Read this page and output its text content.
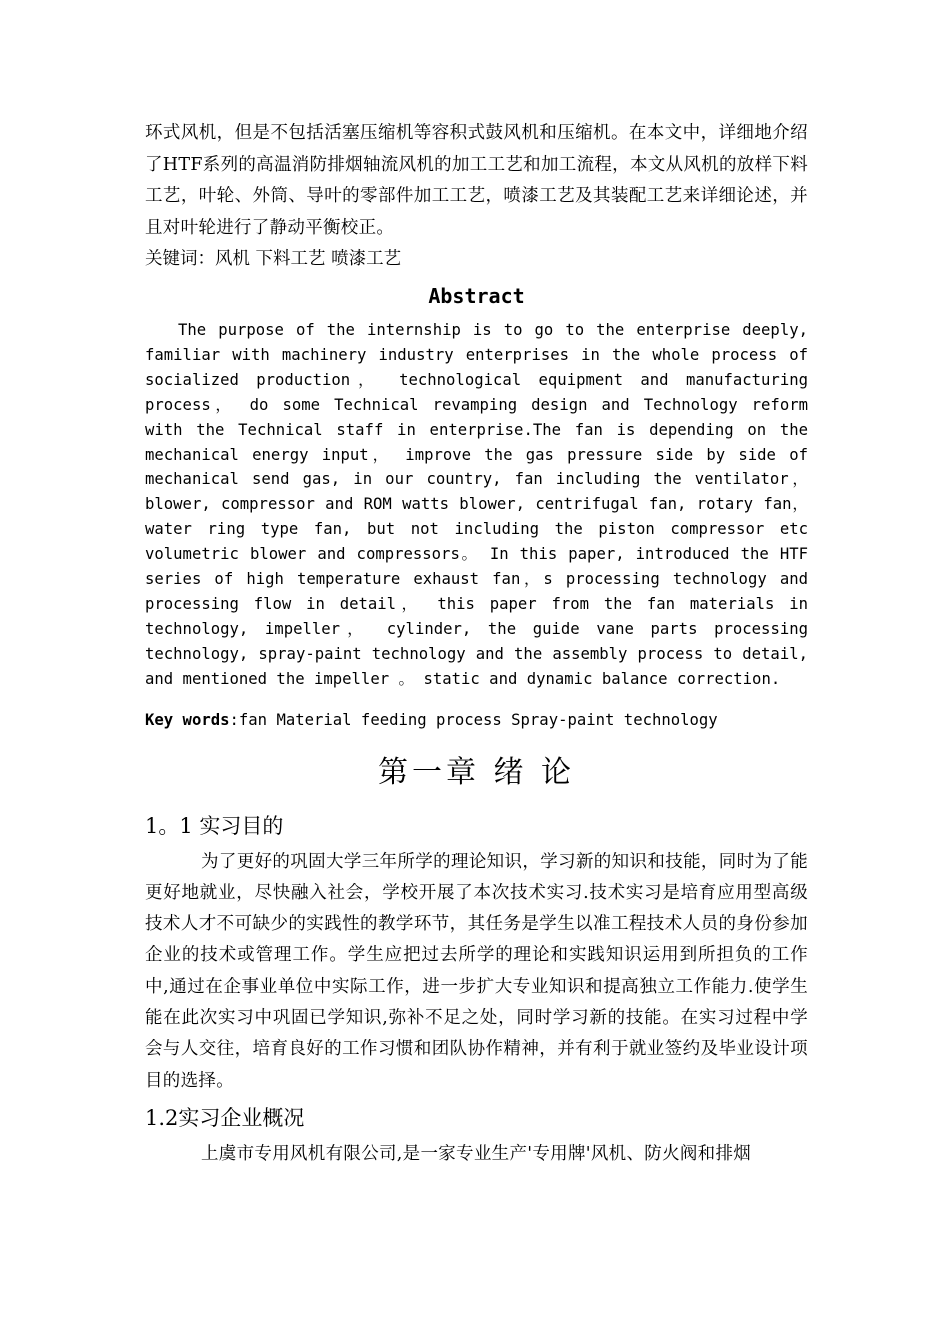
环式风机，但是不包括活塞压缩机等容积式鼓风机和压缩机。在本文中，详细地介绍了HTF系列的高温消防排烟轴流风机的加工工艺和加工流程，本文从风机的放样下料工艺，叶轮、外筒、导叶的零部件加工工艺，喷漆工艺及其装配工艺来详细论述，并且对叶轮进行了静动平衡校正。

关键词：风机 下料工艺 喷漆工艺

Abstract

The purpose of the internship is to go to the enterprise deeply, familiar with machinery industry enterprises in the whole process of socialized production， technological equipment and manufacturing process， do some Technical revamping design and Technology reform with the Technical staff in enterprise.The fan is depending on the mechanical energy input， improve the gas pressure side by side of mechanical send gas, in our country, fan including the ventilator， blower, compressor and ROM watts blower, centrifugal fan, rotary fan， water ring type fan, but not including the piston compressor etc volumetric blower and compressors。 In this paper, introduced the HTF series of high temperature exhaust fan，s processing technology and processing flow in detail， this paper from the fan materials in technology, impeller， cylinder, the guide vane parts processing technology, spray-paint technology and the assembly process to detail, and mentioned the impeller 。 static and dynamic balance correction.

Key words:fan Material feeding process Spray-paint technology

第一章 绪 论
1。1 实习目的

为了更好的巩固大学三年所学的理论知识，学习新的知识和技能，同时为了能更好地就业，尽快融入社会，学校开展了本次技术实习.技术实习是培育应用型高级技术人才不可缺少的实践性的教学环节，其任务是学生以准工程技术人员的身份参加企业的技术或管理工作。学生应把过去所学的理论和实践知识运用到所担负的工作中,通过在企事业单位中实际工作，进一步扩大专业知识和提高独立工作能力.使学生能在此次实习中巩固已学知识,弥补不足之处，同时学习新的技能。在实习过程中学会与人交往，培育良好的工作习惯和团队协作精神，并有利于就业签约及毕业设计项目的选择。

1.2实习企业概况

上虞市专用风机有限公司,是一家专业生产'专用牌'风机、防火阀和排烟
